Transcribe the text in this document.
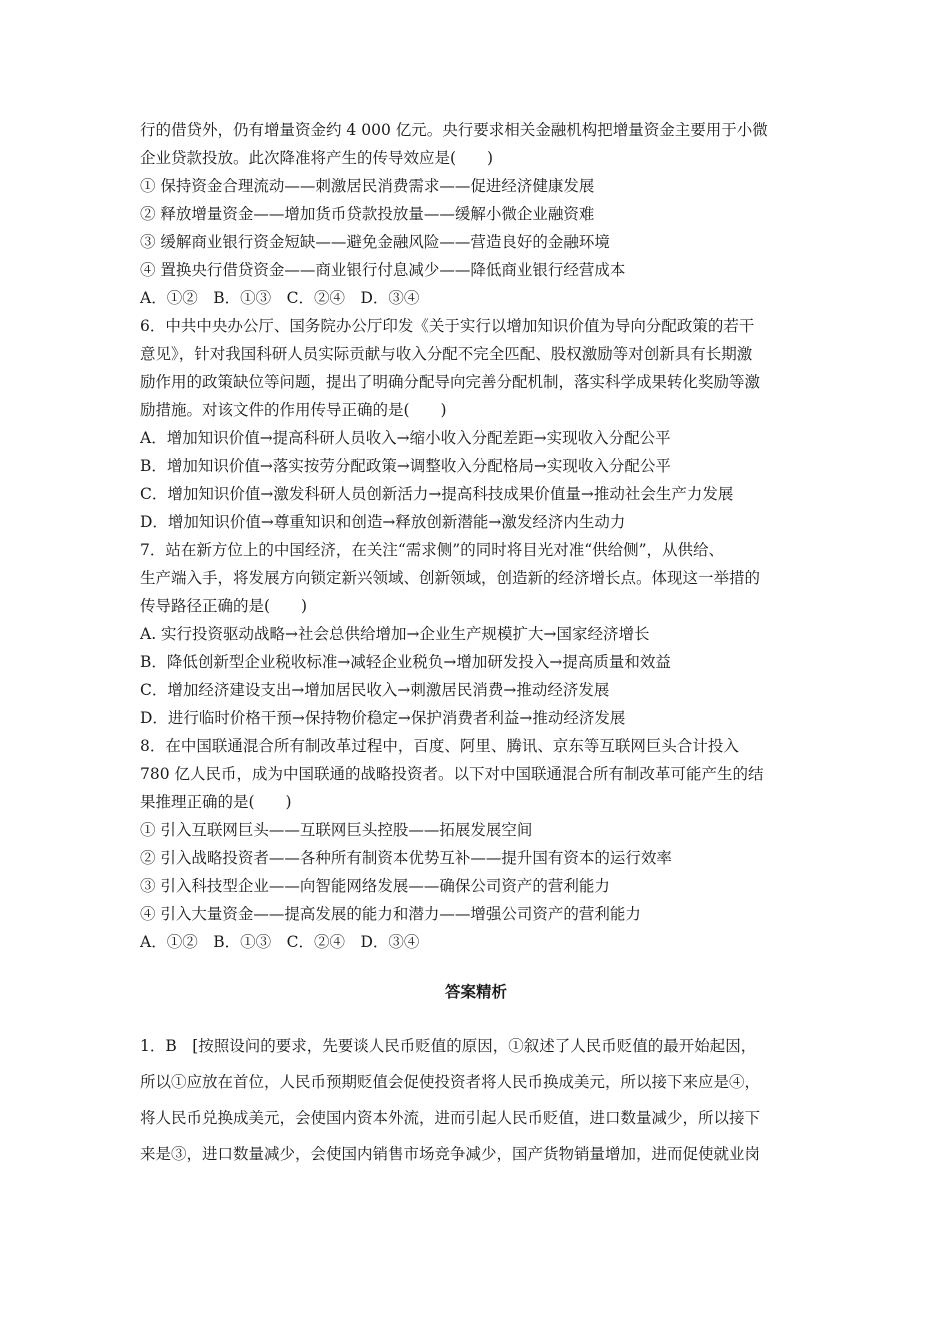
行的借贷外，仍有增量资金约 4 000 亿元。央行要求相关金融机构把增量资金主要用于小微
企业贷款投放。此次降准将产生的传导效应是(　　)
① 保持资金合理流动——刺激居民消费需求——促进经济健康发展
② 释放增量资金——增加货币贷款投放量——缓解小微企业融资难
③ 缓解商业银行资金短缺——避免金融风险——营造良好的金融环境
④ 置换央行借贷资金——商业银行付息减少——降低商业银行经营成本
A．①②　B．①③　C．②④　D．③④
6．中共中央办公厅、国务院办公厅印发《关于实行以增加知识价值为导向分配政策的若干
意见》，针对我国科研人员实际贡献与收入分配不完全匹配、股权激励等对创新具有长期激
励作用的政策缺位等问题，提出了明确分配导向完善分配机制，落实科学成果转化奖励等激
励措施。对该文件的作用传导正确的是(　　)
A．增加知识价值→提高科研人员收入→缩小收入分配差距→实现收入分配公平
B．增加知识价值→落实按劳分配政策→调整收入分配格局→实现收入分配公平
C．增加知识价值→激发科研人员创新活力→提高科技成果价值量→推动社会生产力发展
D．增加知识价值→尊重知识和创造→释放创新潜能→激发经济内生动力
7．站在新方位上的中国经济，在关注“需求侧”的同时将目光对准“供给侧”，从供给、
生产端入手，将发展方向锁定新兴领域、创新领域，创造新的经济增长点。体现这一举措的
传导路径正确的是(　　)
A. 实行投资驱动战略→社会总供给增加→企业生产规模扩大→国家经济增长
B．降低创新型企业税收标准→减轻企业税负→增加研发投入→提高质量和效益
C．增加经济建设支出→增加居民收入→刺激居民消费→推动经济发展
D．进行临时价格干预→保持物价稳定→保护消费者利益→推动经济发展
8．在中国联通混合所有制改革过程中，百度、阿里、腾讯、京东等互联网巨头合计投入
780 亿人民币，成为中国联通的战略投资者。以下对中国联通混合所有制改革可能产生的结
果推理正确的是(　　)
① 引入互联网巨头——互联网巨头控股——拓展发展空间
② 引入战略投资者——各种所有制资本优势互补——提升国有资本的运行效率
③ 引入科技型企业——向智能网络发展——确保公司资产的营利能力
④ 引入大量资金——提高发展的能力和潜力——增强公司资产的营利能力
A．①②　B．①③　C．②④　D．③④
答案精析
1．B　[按照设问的要求，先要谈人民币贬值的原因，①叙述了人民币贬值的最开始起因，
所以①应放在首位，人民币预期贬值会促使投资者将人民币换成美元，所以接下来应是④，
将人民币兑换成美元，会使国内资本外流，进而引起人民币贬值，进口数量减少，所以接下
来是③，进口数量减少，会使国内销售市场竞争减少，国产货物销量增加，进而促使就业岗
